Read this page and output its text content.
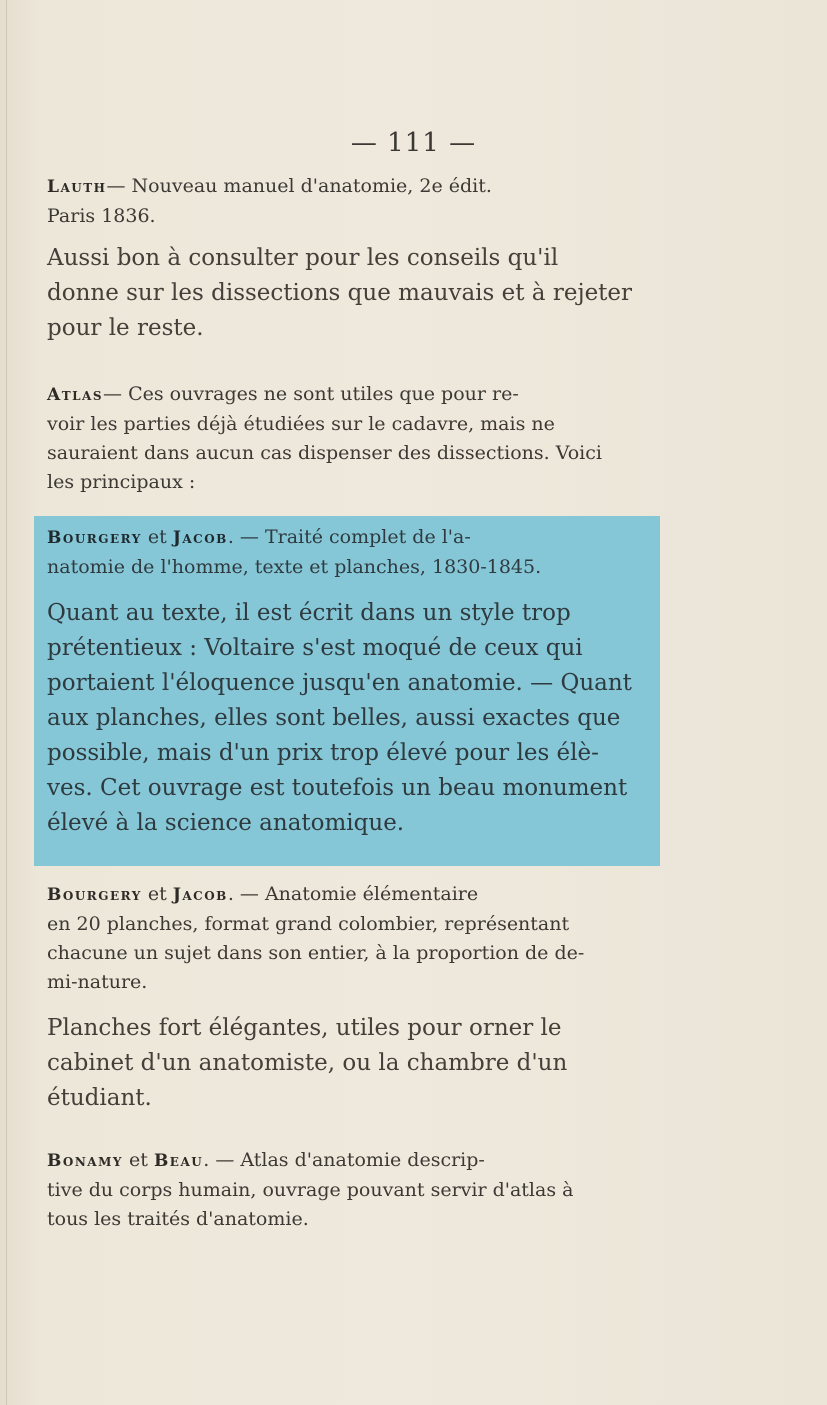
— 111 —
Lauth— Nouveau manuel d'anatomie, 2e édit.
Paris 1836.
Aussi bon à consulter pour les conseils qu'il
donne sur les dissections que mauvais et à rejeter
pour le reste.
Atlas— Ces ouvrages ne sont utiles que pour re-
voir les parties déjà étudiées sur le cadavre, mais ne
sauraient dans aucun cas dispenser des dissections. Voici
les principaux :
Bourgery et Jacob. — Traité complet de l'a-
natomie de l'homme, texte et planches, 1830-1845.
Quant au texte, il est écrit dans un style trop
prétentieux : Voltaire s'est moqué de ceux qui
portaient l'éloquence jusqu'en anatomie. — Quant
aux planches, elles sont belles, aussi exactes que
possible, mais d'un prix trop élevé pour les élè-
ves. Cet ouvrage est toutefois un beau monument
élevé à la science anatomique.
Bourgery et Jacob. — Anatomie élémentaire
en 20 planches, format grand colombier, représentant
chacune un sujet dans son entier, à la proportion de de-
mi-nature.
Planches fort élégantes, utiles pour orner le
cabinet d'un anatomiste, ou la chambre d'un
étudiant.
Bonamy et Beau. — Atlas d'anatomie descrip-
tive du corps humain, ouvrage pouvant servir d'atlas à
tous les traités d'anatomie.
